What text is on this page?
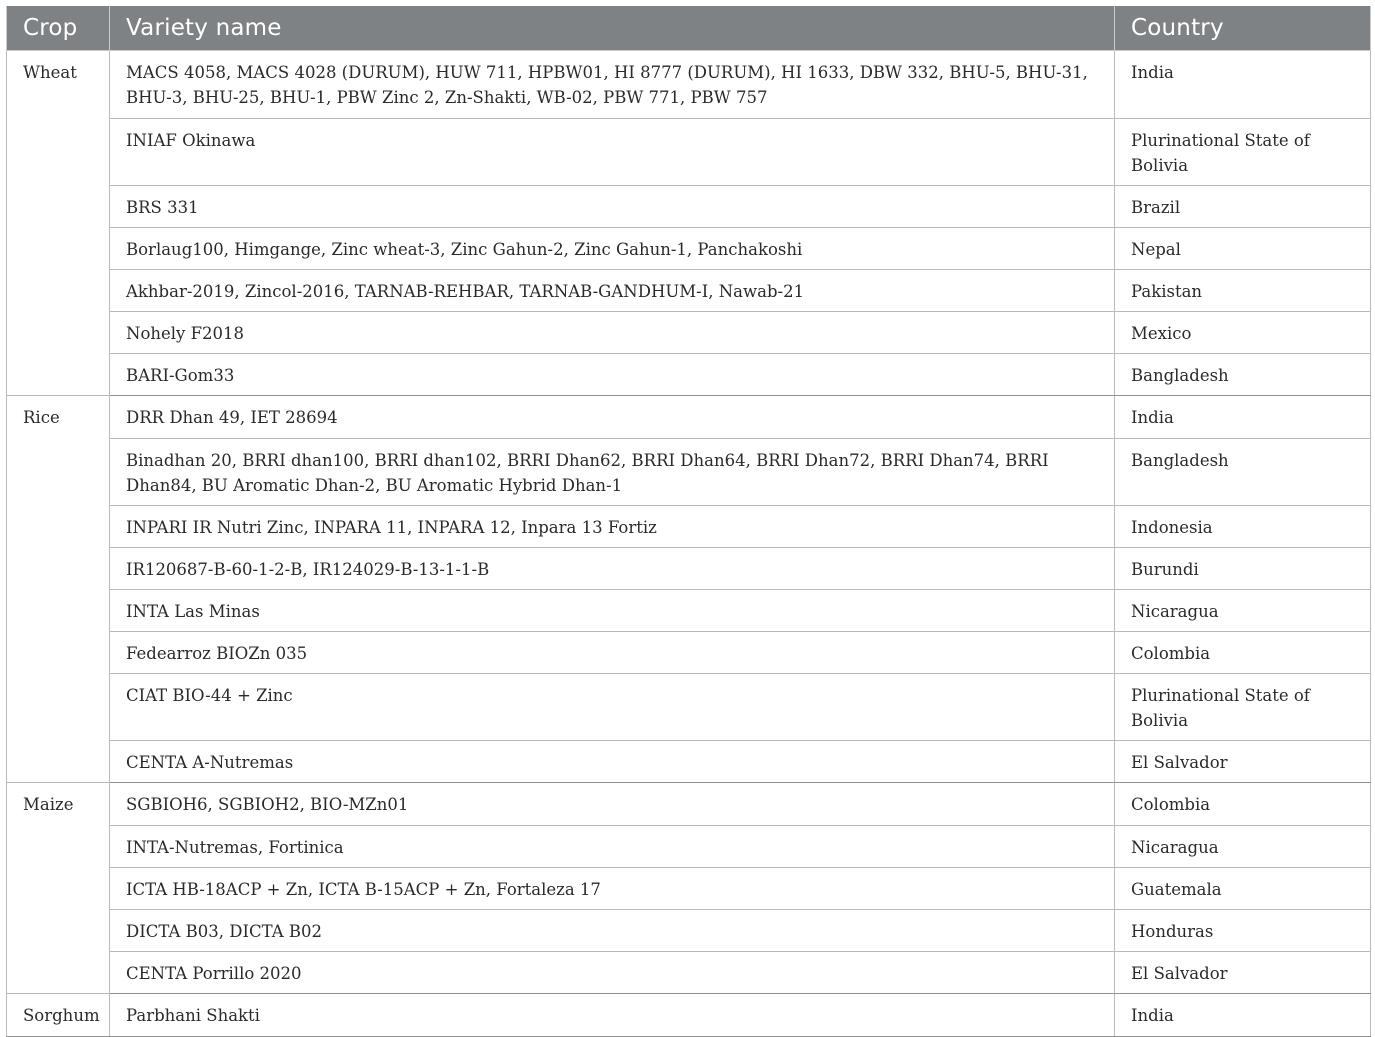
Crop	Variety name	Country
Wheat	MACS 4058, MACS 4028 (DURUM), HUW 711, HPBW01, HI 8777 (DURUM), HI 1633, DBW 332, BHU-5, BHU-31, BHU-3, BHU-25, BHU-1, PBW Zinc 2, Zn-Shakti, WB-02, PBW 771, PBW 757	India
	INIAF Okinawa	Plurinational State of Bolivia
	BRS 331	Brazil
	Borlaug100, Himgange, Zinc wheat-3, Zinc Gahun-2, Zinc Gahun-1, Panchakoshi	Nepal
	Akhbar-2019, Zincol-2016, TARNAB-REHBAR, TARNAB-GANDHUM-I, Nawab-21	Pakistan
	Nohely F2018	Mexico
	BARI-Gom33	Bangladesh
Rice	DRR Dhan 49, IET 28694	India
	Binadhan 20, BRRI dhan100, BRRI dhan102, BRRI Dhan62, BRRI Dhan64, BRRI Dhan72, BRRI Dhan74, BRRI Dhan84, BU Aromatic Dhan-2, BU Aromatic Hybrid Dhan-1	Bangladesh
	INPARI IR Nutri Zinc, INPARA 11, INPARA 12, Inpara 13 Fortiz	Indonesia
	IR120687-B-60-1-2-B, IR124029-B-13-1-1-B	Burundi
	INTA Las Minas	Nicaragua
	Fedearroz BIOZn 035	Colombia
	CIAT BIO-44 + Zinc	Plurinational State of Bolivia
	CENTA A-Nutremas	El Salvador
Maize	SGBIOH6, SGBIOH2, BIO-MZn01	Colombia
	INTA-Nutremas, Fortinica	Nicaragua
	ICTA HB-18ACP + Zn, ICTA B-15ACP + Zn, Fortaleza 17	Guatemala
	DICTA B03, DICTA B02	Honduras
	CENTA Porrillo 2020	El Salvador
Sorghum	Parbhani Shakti	India
